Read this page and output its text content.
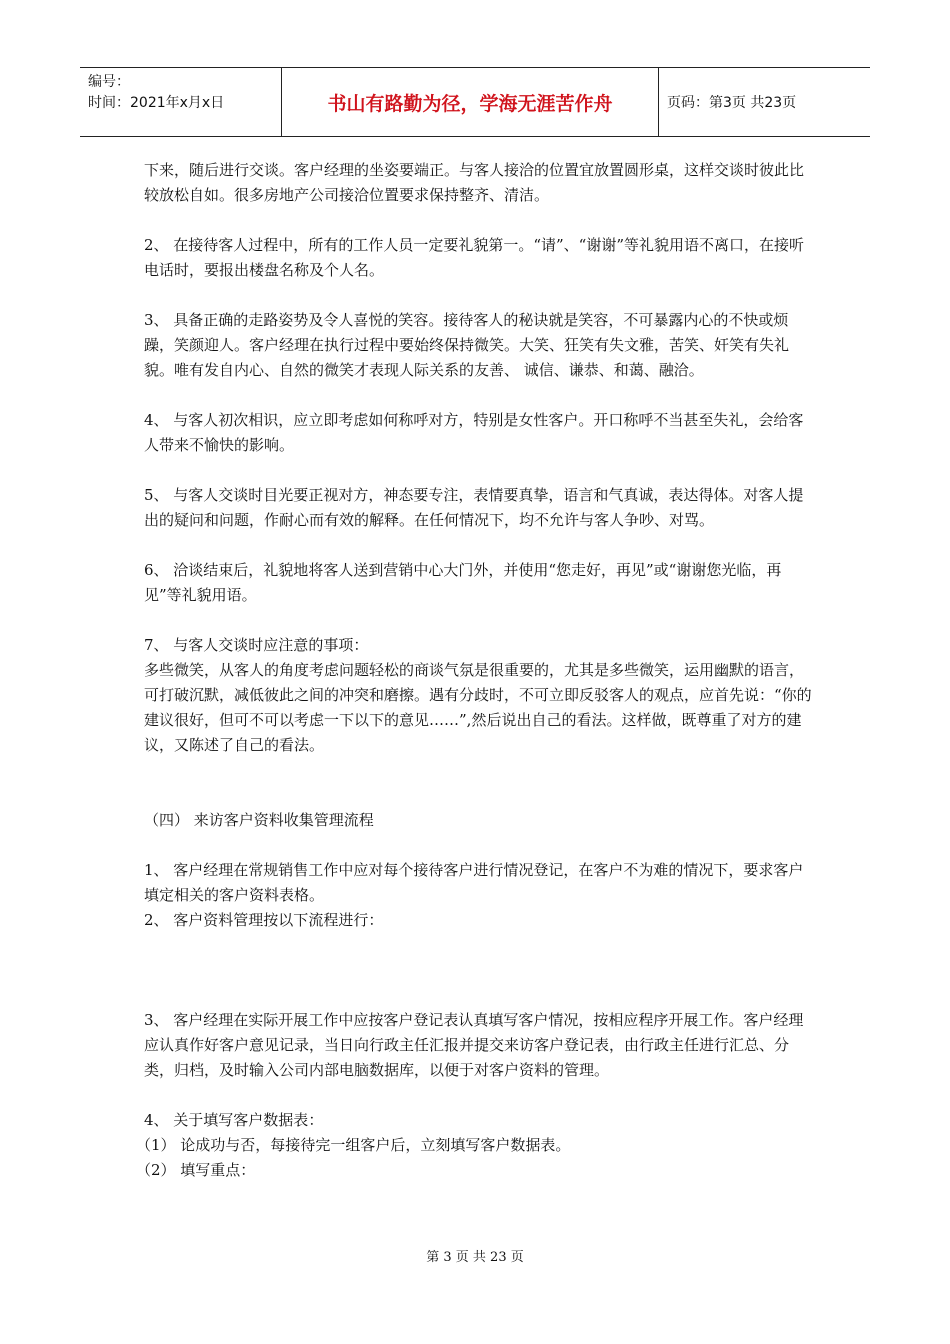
编号：
时间：2021年x月x日	书山有路勤为径，学海无涯苦作舟	页码：第3页 共23页

下来，随后进行交谈。客户经理的坐姿要端正。与客人接洽的位置宜放置圆形桌，这样交谈时彼此比较放松自如。很多房地产公司接洽位置要求保持整齐、清洁。

2、 在接待客人过程中，所有的工作人员一定要礼貌第一。“请”、“谢谢”等礼貌用语不离口，在接听电话时，要报出楼盘名称及个人名。

3、 具备正确的走路姿势及令人喜悦的笑容。接待客人的秘诀就是笑容，不可暴露内心的不快或烦躁，笑颜迎人。客户经理在执行过程中要始终保持微笑。大笑、狂笑有失文雅，苦笑、奸笑有失礼貌。唯有发自内心、自然的微笑才表现人际关系的友善、 诚信、谦恭、和蔼、融洽。

4、 与客人初次相识，应立即考虑如何称呼对方，特别是女性客户。开口称呼不当甚至失礼，会给客人带来不愉快的影响。

5、 与客人交谈时目光要正视对方，神态要专注，表情要真挚，语言和气真诚，表达得体。对客人提出的疑问和问题，作耐心而有效的解释。在任何情况下，均不允许与客人争吵、对骂。

6、 洽谈结束后，礼貌地将客人送到营销中心大门外，并使用“您走好，再见”或“谢谢您光临，再见”等礼貌用语。

7、 与客人交谈时应注意的事项：

多些微笑，从客人的角度考虑问题轻松的商谈气氛是很重要的，尤其是多些微笑，运用幽默的语言，可打破沉默，减低彼此之间的冲突和磨擦。遇有分歧时，不可立即反驳客人的观点，应首先说：“你的建议很好，但可不可以考虑一下以下的意见……”,然后说出自己的看法。这样做，既尊重了对方的建议，又陈述了自己的看法。

（四） 来访客户资料收集管理流程

1、 客户经理在常规销售工作中应对每个接待客户进行情况登记，在客户不为难的情况下，要求客户填定相关的客户资料表格。

2、 客户资料管理按以下流程进行：

3、 客户经理在实际开展工作中应按客户登记表认真填写客户情况，按相应程序开展工作。客户经理应认真作好客户意见记录，当日向行政主任汇报并提交来访客户登记表，由行政主任进行汇总、分类，归档，及时输入公司内部电脑数据库，以便于对客户资料的管理。

4、 关于填写客户数据表：

（1） 论成功与否，每接待完一组客户后，立刻填写客户数据表。

（2） 填写重点：

第 3 页 共 23 页
